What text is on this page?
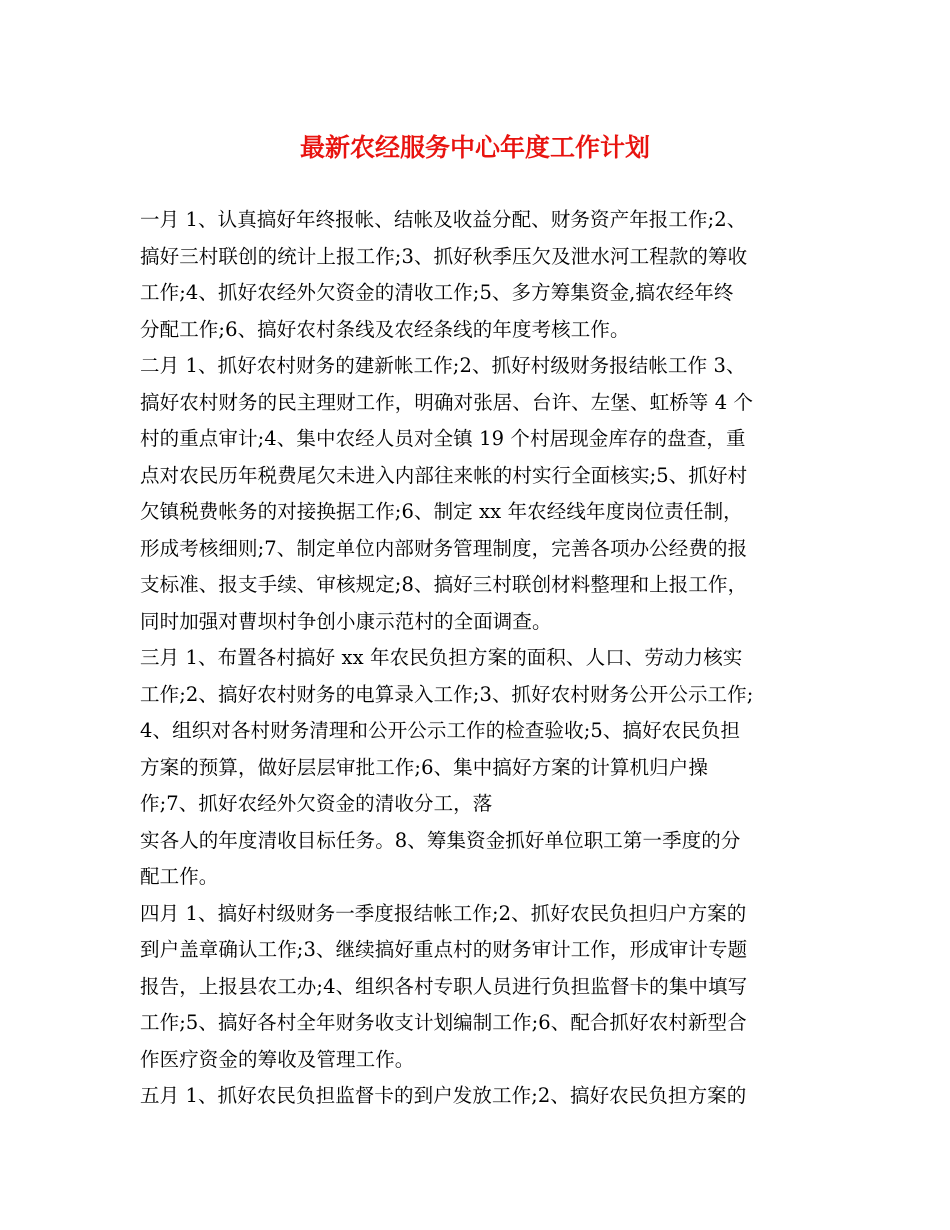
最新农经服务中心年度工作计划
一月 1、认真搞好年终报帐、结帐及收益分配、财务资产年报工作;2、
搞好三村联创的统计上报工作;3、抓好秋季压欠及泄水河工程款的筹收
工作;4、抓好农经外欠资金的清收工作;5、多方筹集资金,搞农经年终
分配工作;6、搞好农村条线及农经条线的年度考核工作。
二月 1、抓好农村财务的建新帐工作;2、抓好村级财务报结帐工作 3、
搞好农村财务的民主理财工作，明确对张居、台许、左堡、虹桥等 4 个
村的重点审计;4、集中农经人员对全镇 19 个村居现金库存的盘查，重
点对农民历年税费尾欠未进入内部往来帐的村实行全面核实;5、抓好村
欠镇税费帐务的对接换据工作;6、制定 xx 年农经线年度岗位责任制，
形成考核细则;7、制定单位内部财务管理制度，完善各项办公经费的报
支标准、报支手续、审核规定;8、搞好三村联创材料整理和上报工作，
同时加强对曹坝村争创小康示范村的全面调查。
三月 1、布置各村搞好 xx 年农民负担方案的面积、人口、劳动力核实
工作;2、搞好农村财务的电算录入工作;3、抓好农村财务公开公示工作;
4、组织对各村财务清理和公开公示工作的检查验收;5、搞好农民负担
方案的预算，做好层层审批工作;6、集中搞好方案的计算机归户操
作;7、抓好农经外欠资金的清收分工，落
实各人的年度清收目标任务。8、筹集资金抓好单位职工第一季度的分
配工作。
四月 1、搞好村级财务一季度报结帐工作;2、抓好农民负担归户方案的
到户盖章确认工作;3、继续搞好重点村的财务审计工作，形成审计专题
报告，上报县农工办;4、组织各村专职人员进行负担监督卡的集中填写
工作;5、搞好各村全年财务收支计划编制工作;6、配合抓好农村新型合
作医疗资金的筹收及管理工作。
五月 1、抓好农民负担监督卡的到户发放工作;2、搞好农民负担方案的
